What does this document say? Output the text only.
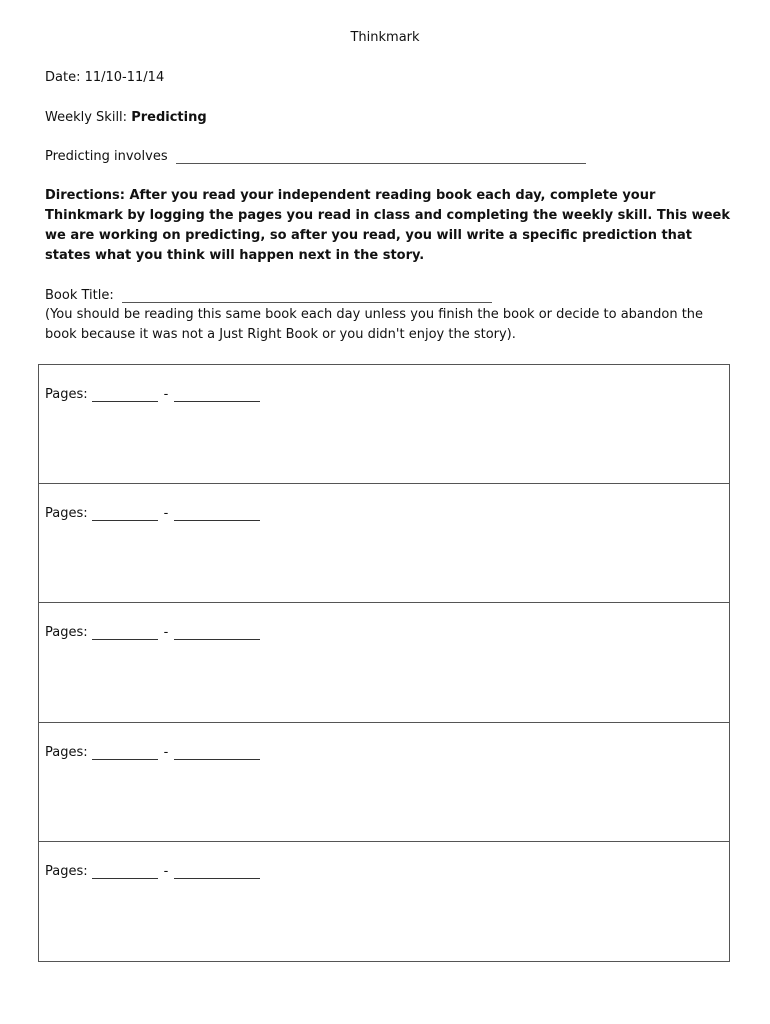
Thinkmark
Date: 11/10-11/14
Weekly Skill: Predicting
Predicting involves
Directions: After you read your independent reading book each day, complete your Thinkmark by logging the pages you read in class and completing the weekly skill. This week we are working on predicting, so after you read, you will write a specific prediction that states what you think will happen next in the story.
Book Title:
(You should be reading this same book each day unless you finish the book or decide to abandon the book because it was not a Just Right Book or you didn't enjoy the story).
Pages:	-
Pages:	-
Pages:	-
Pages:	-
Pages:	-
